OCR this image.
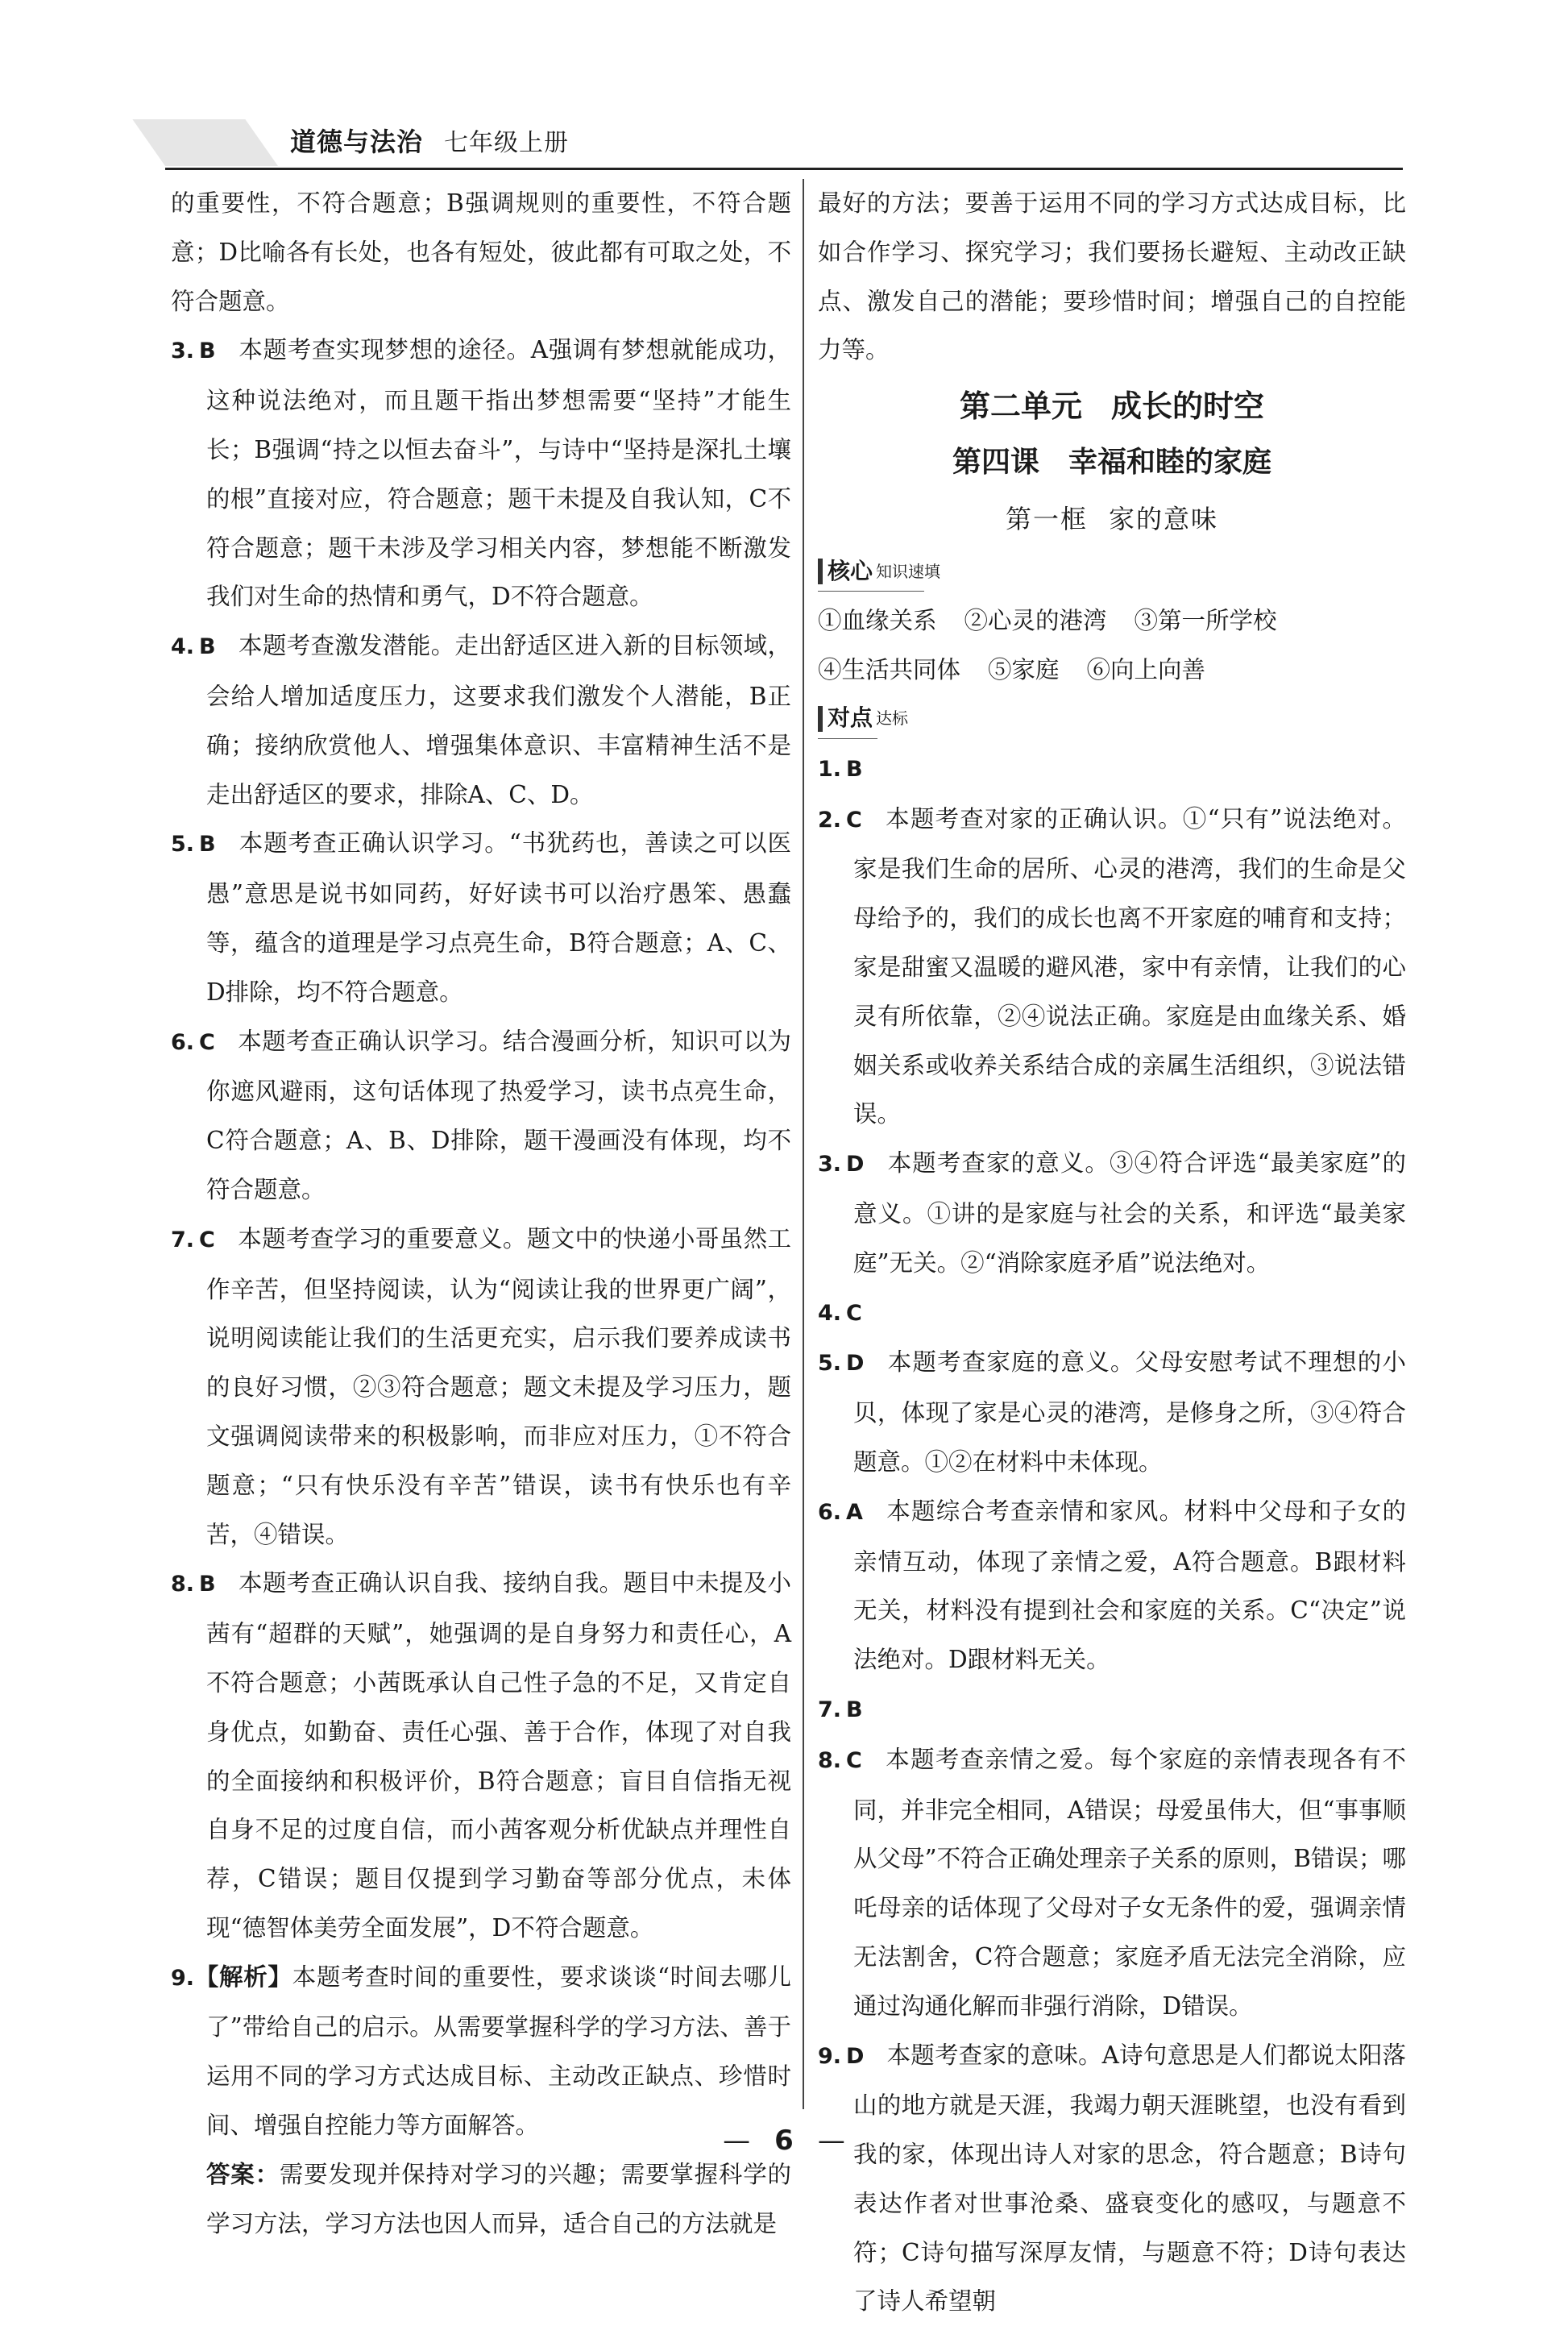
道德与法治 七年级上册

的重要性，不符合题意；B强调规则的重要性，不符合题意；D比喻各有长处，也各有短处，彼此都有可取之处，不符合题意。

3. B 本题考查实现梦想的途径。A强调有梦想就能成功，这种说法绝对，而且题干指出梦想需要“坚持”才能生长；B强调“持之以恒去奋斗”，与诗中“坚持是深扎土壤的根”直接对应，符合题意；题干未提及自我认知，C不符合题意；题干未涉及学习相关内容，梦想能不断激发我们对生命的热情和勇气，D不符合题意。

4. B 本题考查激发潜能。走出舒适区进入新的目标领域，会给人增加适度压力，这要求我们激发个人潜能，B正确；接纳欣赏他人、增强集体意识、丰富精神生活不是走出舒适区的要求，排除A、C、D。

5. B 本题考查正确认识学习。“书犹药也，善读之可以医愚”意思是说书如同药，好好读书可以治疗愚笨、愚蠢等，蕴含的道理是学习点亮生命，B符合题意；A、C、D排除，均不符合题意。

6. C 本题考查正确认识学习。结合漫画分析，知识可以为你遮风避雨，这句话体现了热爱学习，读书点亮生命，C符合题意；A、B、D排除，题干漫画没有体现，均不符合题意。

7. C 本题考查学习的重要意义。题文中的快递小哥虽然工作辛苦，但坚持阅读，认为“阅读让我的世界更广阔”，说明阅读能让我们的生活更充实，启示我们要养成读书的良好习惯，②③符合题意；题文未提及学习压力，题文强调阅读带来的积极影响，而非应对压力，①不符合题意；“只有快乐没有辛苦”错误，读书有快乐也有辛苦，④错误。

8. B 本题考查正确认识自我、接纳自我。题目中未提及小茜有“超群的天赋”，她强调的是自身努力和责任心，A不符合题意；小茜既承认自己性子急的不足，又肯定自身优点，如勤奋、责任心强、善于合作，体现了对自我的全面接纳和积极评价，B符合题意；盲目自信指无视自身不足的过度自信，而小茜客观分析优缺点并理性自荐，C错误；题目仅提到学习勤奋等部分优点，未体现“德智体美劳全面发展”，D不符合题意。

9.【解析】本题考查时间的重要性，要求谈谈“时间去哪儿了”带给自己的启示。从需要掌握科学的学习方法、善于运用不同的学习方式达成目标、主动改正缺点、珍惜时间、增强自控能力等方面解答。

答案：需要发现并保持对学习的兴趣；需要掌握科学的学习方法，学习方法也因人而异，适合自己的方法就是

最好的方法；要善于运用不同的学习方式达成目标，比如合作学习、探究学习；我们要扬长避短、主动改正缺点、激发自己的潜能；要珍惜时间；增强自己的自控能力等。

第二单元 成长的时空
第四课 幸福和睦的家庭
第一框 家的意味
核心 知识速填
①血缘关系 ②心灵的港湾 ③第一所学校
④生活共同体 ⑤家庭 ⑥向上向善
对点 达标

1. B

2. C 本题考查对家的正确认识。①“只有”说法绝对。家是我们生命的居所、心灵的港湾，我们的生命是父母给予的，我们的成长也离不开家庭的哺育和支持；家是甜蜜又温暖的避风港，家中有亲情，让我们的心灵有所依靠，②④说法正确。家庭是由血缘关系、婚姻关系或收养关系结合成的亲属生活组织，③说法错误。

3. D 本题考查家的意义。③④符合评选“最美家庭”的意义。①讲的是家庭与社会的关系，和评选“最美家庭”无关。②“消除家庭矛盾”说法绝对。

4. C

5. D 本题考查家庭的意义。父母安慰考试不理想的小贝，体现了家是心灵的港湾，是修身之所，③④符合题意。①②在材料中未体现。

6. A 本题综合考查亲情和家风。材料中父母和子女的亲情互动，体现了亲情之爱，A符合题意。B跟材料无关，材料没有提到社会和家庭的关系。C“决定”说法绝对。D跟材料无关。

7. B

8. C 本题考查亲情之爱。每个家庭的亲情表现各有不同，并非完全相同，A错误；母爱虽伟大，但“事事顺从父母”不符合正确处理亲子关系的原则，B错误；哪吒母亲的话体现了父母对子女无条件的爱，强调亲情无法割舍，C符合题意；家庭矛盾无法完全消除，应通过沟通化解而非强行消除，D错误。

9. D 本题考查家的意味。A诗句意思是人们都说太阳落山的地方就是天涯，我竭力朝天涯眺望，也没有看到我的家，体现出诗人对家的思念，符合题意；B诗句表达作者对世事沧桑、盛衰变化的感叹，与题意不符；C诗句描写深厚友情，与题意不符；D诗句表达了诗人希望朝

— 6 —
